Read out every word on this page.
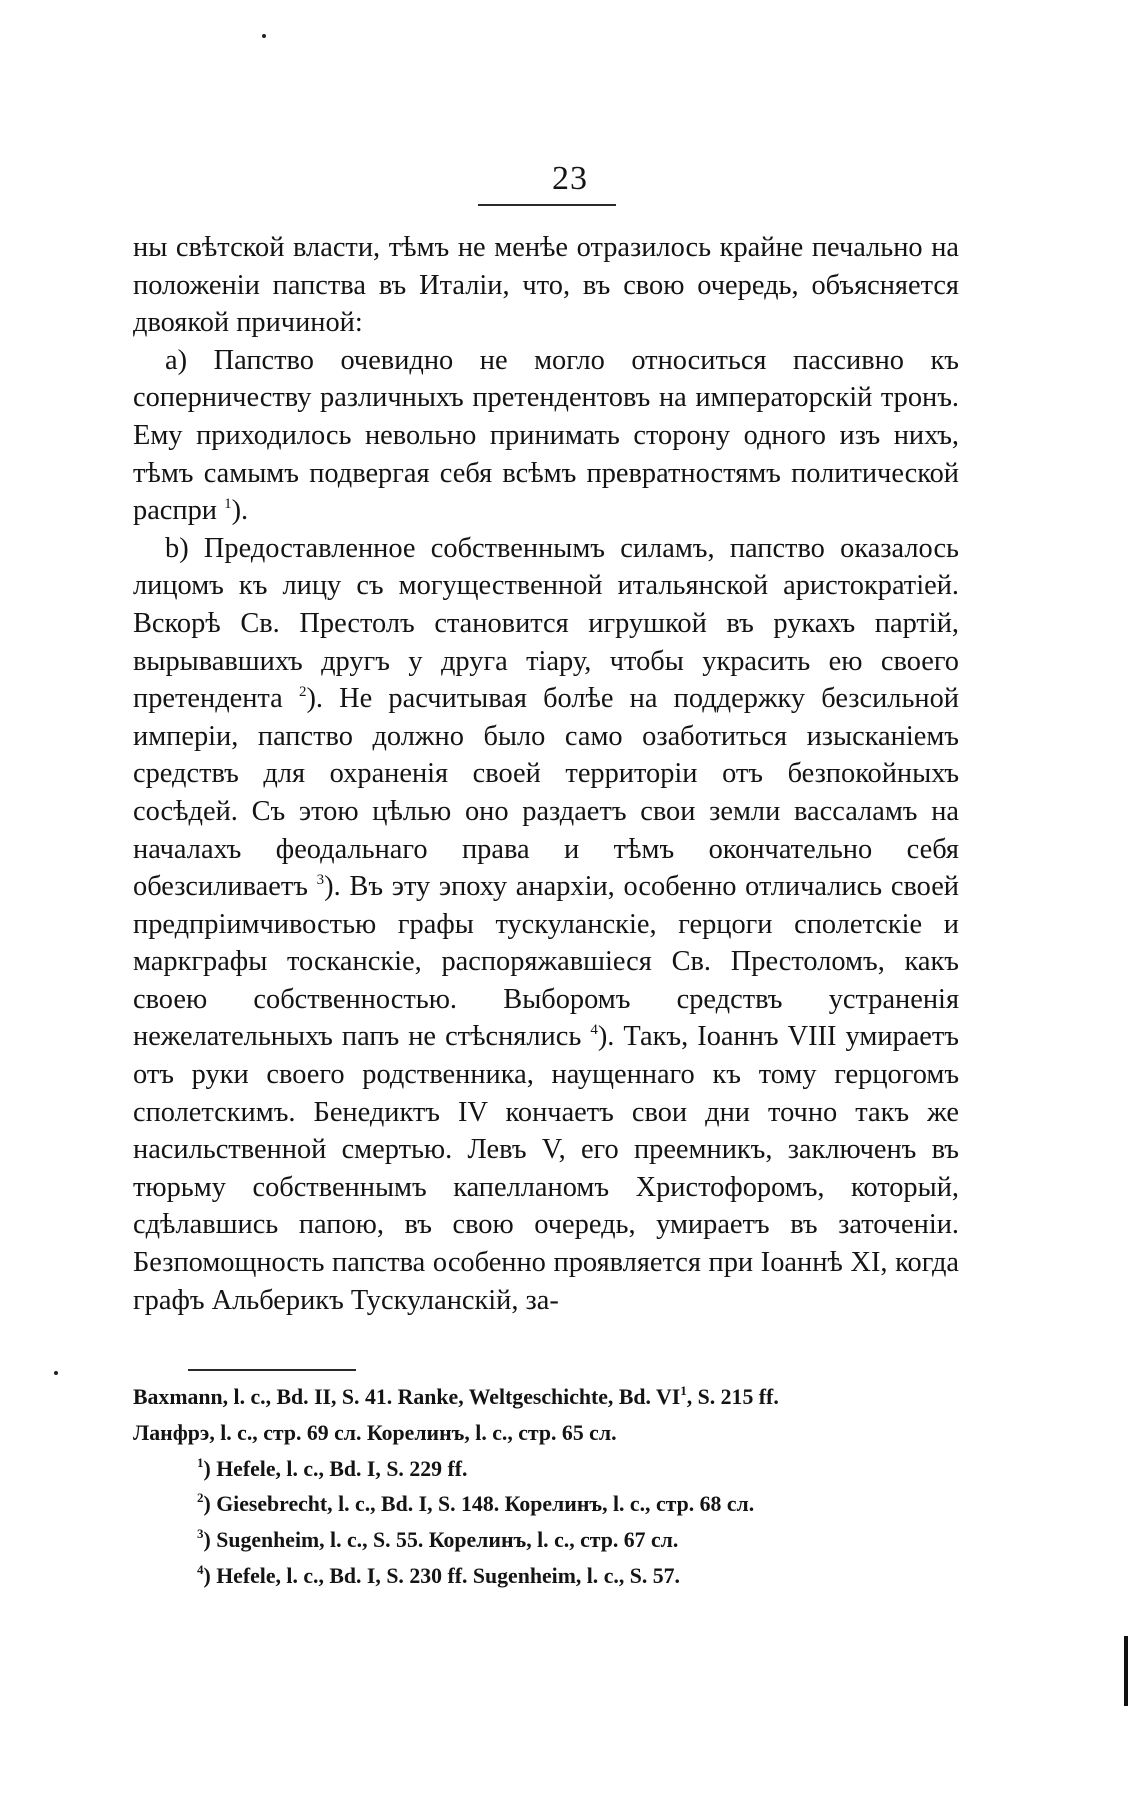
23

ны свѣтской власти, тѣмъ не менѣе отразилось крайне печально на положеніи папства въ Италіи, что, въ свою очередь, объясняется двоякой причиной:

a) Папство очевидно не могло относиться пассивно къ соперничеству различныхъ претендентовъ на императорскій тронъ. Ему приходилось невольно принимать сторону одного изъ нихъ, тѣмъ самымъ подвергая себя всѣмъ превратностямъ политической распри $^1$).

b) Предоставленное собственнымъ силамъ, папство оказалось лицомъ къ лицу съ могущественной итальянской аристократіей. Вскорѣ Св. Престолъ становится игрушкой въ рукахъ партій, вырывавшихъ другъ у друга тіару, чтобы украсить ею своего претендента $^2$). Не расчитывая болѣе на поддержку безсильной имперіи, папство должно было само озаботиться изысканіемъ средствъ для охраненія своей территоріи отъ безпокойныхъ сосѣдей. Съ этою цѣлью оно раздаетъ свои земли вассаламъ на началахъ феодальнаго права и тѣмъ окончательно себя обезсиливаетъ $^3$). Въ эту эпоху анархіи, особенно отличались своей предпріимчивостью графы тускуланскіе, герцоги сполетскіе и маркграфы тосканскіе, распоряжавшіеся Св. Престоломъ, какъ своею собственностью. Выборомъ средствъ устраненія нежелательныхъ папъ не стѣснялись $^4$). Такъ, Іоаннъ VIII умираетъ отъ руки своего родственника, наущеннаго къ тому герцогомъ сполетскимъ. Бенедиктъ IV кончаетъ свои дни точно такъ же насильственной смертью. Левъ V, его преемникъ, заключенъ въ тюрьму собственнымъ капелланомъ Христофоромъ, который, сдѣлавшись папою, въ свою очередь, умираетъ въ заточеніи. Безпомощность папства особенно проявляется при Іоаннѣ XI, когда графъ Альберикъ Тускуланскій, за-

Baxmann, l. c., Bd. II, S. 41. Ranke, Weltgeschichte, Bd. VI$^1$, S. 215 ff.
Ланфрэ, l. c., стр. 69 сл. Корелинъ, l. c., стр. 65 сл.
$^1$) Hefele, l. c., Bd. I, S. 229 ff.
$^2$) Giesebrecht, l. c., Bd. I, S. 148. Корелинъ, l. c., стр. 68 сл.
$^3$) Sugenheim, l. c., S. 55. Корелинъ, l. c., стр. 67 сл.
$^4$) Hefele, l. c., Bd. I, S. 230 ff. Sugenheim, l. c., S. 57.
